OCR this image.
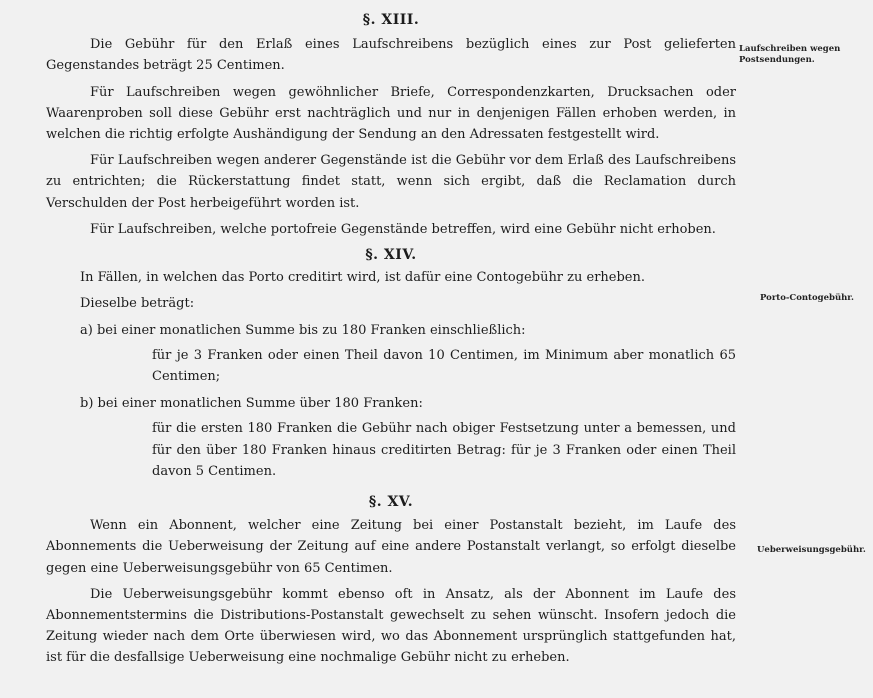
§. XIII.

Die Gebühr für den Erlaß eines Laufschreibens bezüglich eines zur Post gelieferten Gegenstandes beträgt 25 Centimen.

Für Laufschreiben wegen gewöhnlicher Briefe, Correspondenzkarten, Drucksachen oder Waarenproben soll diese Gebühr erst nachträglich und nur in denjenigen Fällen erhoben werden, in welchen die richtig erfolgte Aushändigung der Sendung an den Adressaten festgestellt wird.

Für Laufschreiben wegen anderer Gegenstände ist die Gebühr vor dem Erlaß des Laufschreibens zu entrichten; die Rückerstattung findet statt, wenn sich ergibt, daß die Reclamation durch Verschulden der Post herbeigeführt worden ist.

Für Laufschreiben, welche portofreie Gegenstände betreffen, wird eine Gebühr nicht erhoben.

§. XIV.

In Fällen, in welchen das Porto creditirt wird, ist dafür eine Contogebühr zu erheben.

Dieselbe beträgt:

a) bei einer monatlichen Summe bis zu 180 Franken einschließlich:

für je 3 Franken oder einen Theil davon 10 Centimen, im Minimum aber monatlich 65 Centimen;

b) bei einer monatlichen Summe über 180 Franken:

für die ersten 180 Franken die Gebühr nach obiger Festsetzung unter a bemessen, und für den über 180 Franken hinaus creditirten Betrag: für je 3 Franken oder einen Theil davon 5 Centimen.

§. XV.

Wenn ein Abonnent, welcher eine Zeitung bei einer Postanstalt bezieht, im Laufe des Abonnements die Ueberweisung der Zeitung auf eine andere Postanstalt verlangt, so erfolgt dieselbe gegen eine Ueberweisungsgebühr von 65 Centimen.

Die Ueberweisungsgebühr kommt ebenso oft in Ansatz, als der Abonnent im Laufe des Abonnementstermins die Distributions-Postanstalt gewechselt zu sehen wünscht. Insofern jedoch die Zeitung wieder nach dem Orte überwiesen wird, wo das Abonnement ursprünglich stattgefunden hat, ist für die desfallsige Ueberweisung eine nochmalige Gebühr nicht zu erheben.

Laufschreiben wegen Postsendungen.
Porto-Contogebühr.
Ueberweisungsgebühr.
